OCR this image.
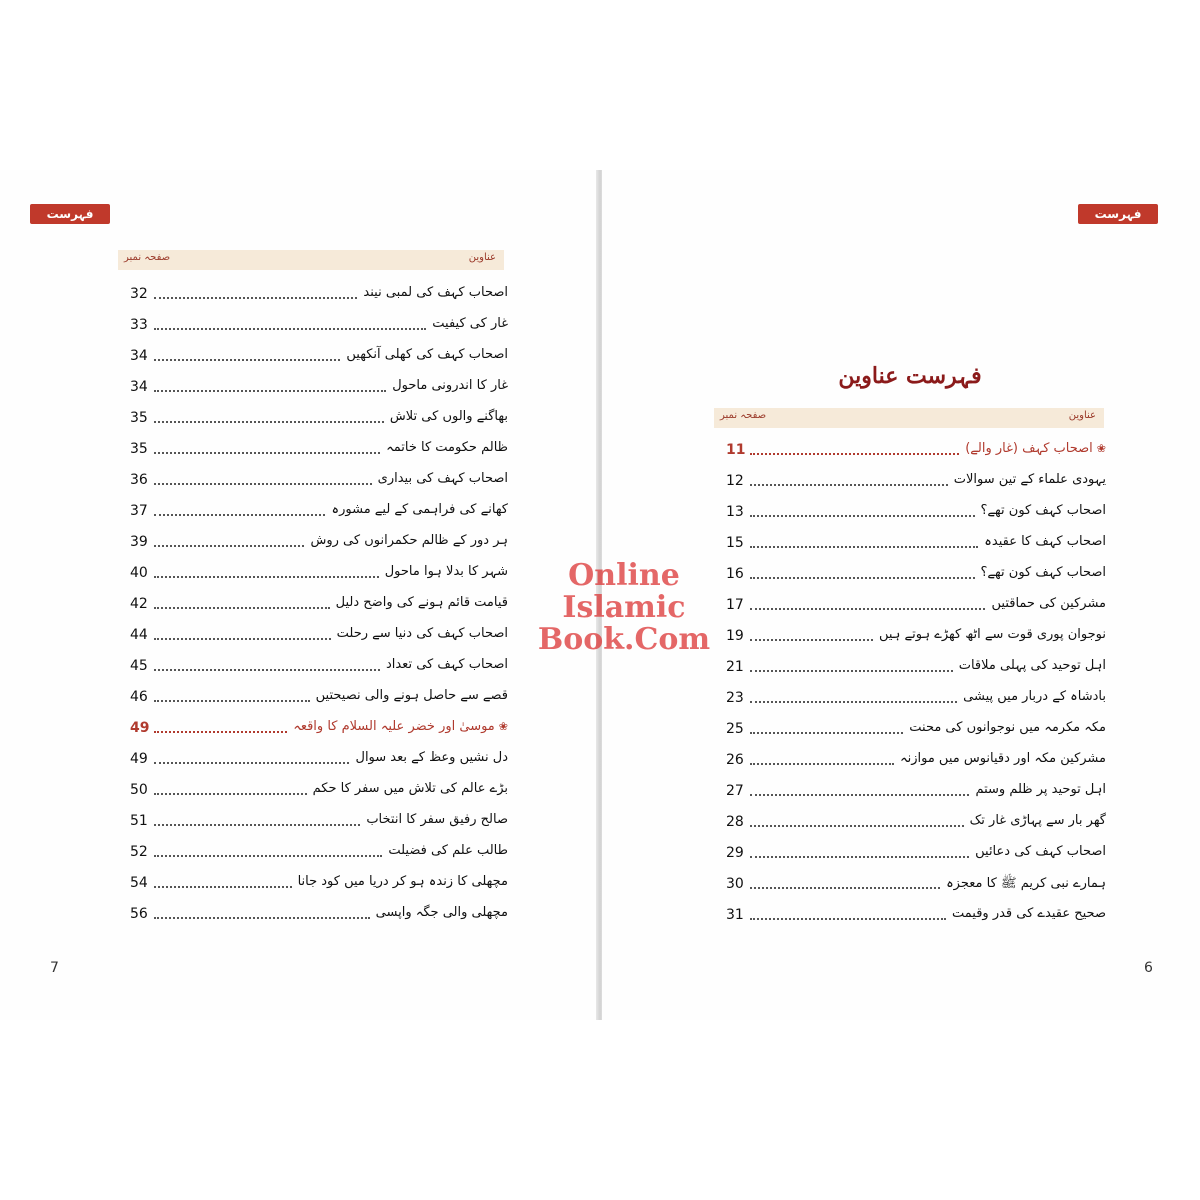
فہرست
عناوین
صفحہ نمبر
32	اصحاب کہف کی لمبی نیند
33	غار کی کیفیت
34	اصحاب کہف کی کھلی آنکھیں
34	غار کا اندرونی ماحول
35	بھاگنے والوں کی تلاش
35	ظالم حکومت کا خاتمہ
36	اصحاب کہف کی بیداری
37	کھانے کی فراہمی کے لیے مشورہ
39	ہر دور کے ظالم حکمرانوں کی روش
40	شہر کا بدلا ہوا ماحول
42	قیامت قائم ہونے کی واضح دلیل
44	اصحاب کہف کی دنیا سے رحلت
45	اصحاب کہف کی تعداد
46	قصے سے حاصل ہونے والی نصیحتیں
49	❀موسیٰ اور خضر علیہ السلام کا واقعہ
49	دل نشیں وعظ کے بعد سوال
50	بڑے عالم کی تلاش میں سفر کا حکم
51	صالح رفیق سفر کا انتخاب
52	طالب علم کی فضیلت
54	مچھلی کا زندہ ہو کر دریا میں کود جانا
56	مچھلی والی جگہ واپسی
7
فہرست
فہرست عناوین
عناوین
صفحہ نمبر
11	❀اصحاب کہف (غار والے)
12	یہودی علماء کے تین سوالات
13	اصحاب کہف کون تھے؟
15	اصحاب کہف کا عقیدہ
16	اصحاب کہف کون تھے؟
17	مشرکین کی حماقتیں
19	نوجوان پوری قوت سے اٹھ کھڑے ہوتے ہیں
21	اہل توحید کی پہلی ملاقات
23	بادشاہ کے دربار میں پیشی
25	مکہ مکرمہ میں نوجوانوں کی محنت
26	مشرکین مکہ اور دقیانوس میں موازنہ
27	اہل توحید پر ظلم وستم
28	گھر بار سے پہاڑی غار تک
29	اصحاب کہف کی دعائیں
30	ہمارے نبی کریم ﷺ کا معجزہ
31	صحیح عقیدے کی قدر وقیمت
6
Online Islamic
Book.Com
